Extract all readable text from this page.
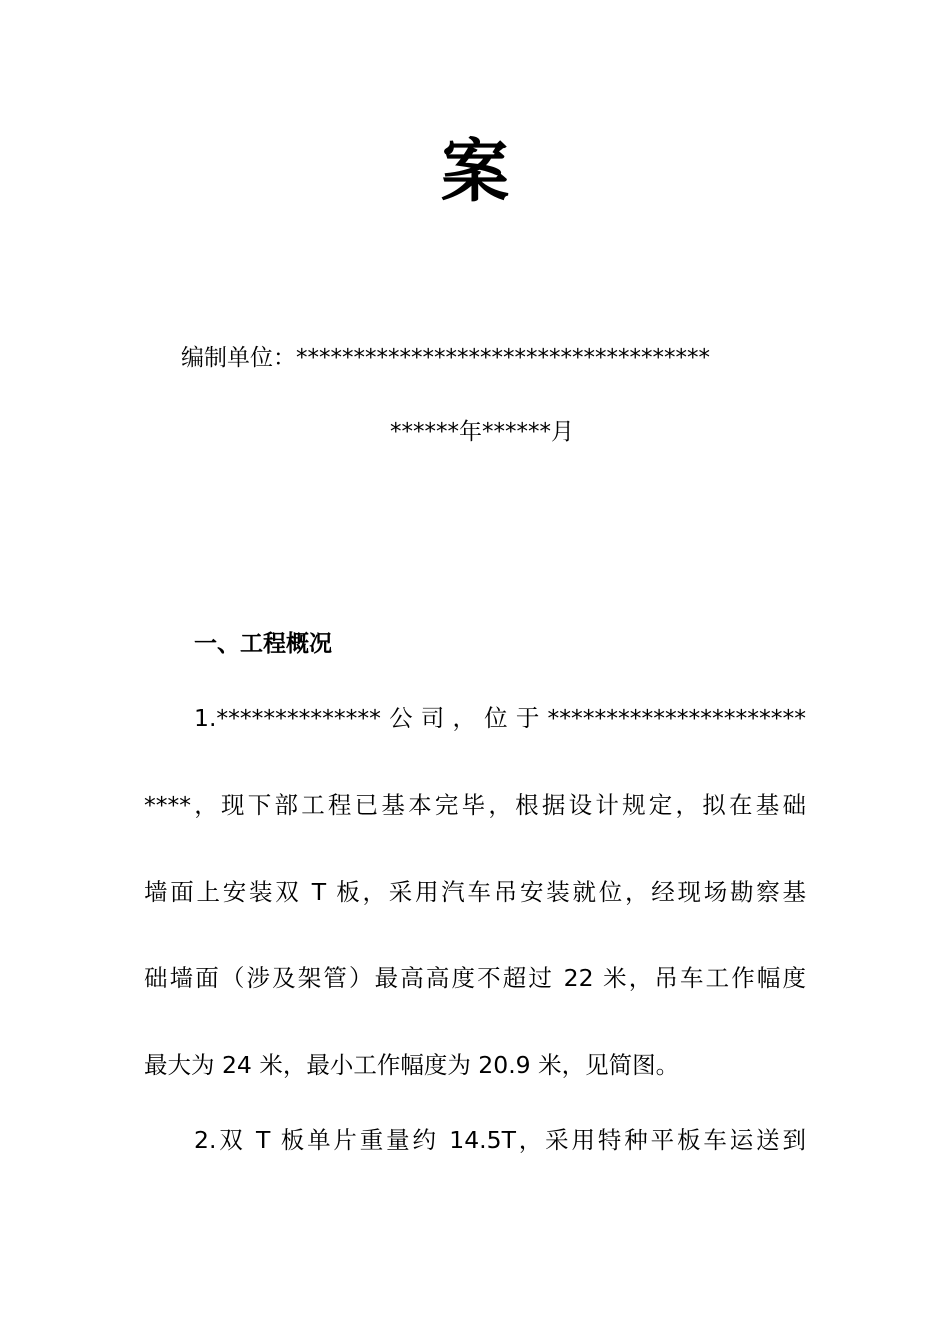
案
编制单位：************************************
******年******月
一、工程概况
1.**************公司，位于**********************
****，现下部工程已基本完毕，根据设计规定，拟在基础
墙面上安装双 T 板，采用汽车吊安装就位，经现场勘察基
础墙面（涉及架管）最高高度不超过 22 米，吊车工作幅度
最大为 24 米，最小工作幅度为 20.9 米，见简图。
2.双 T 板单片重量约 14.5T，采用特种平板车运送到
